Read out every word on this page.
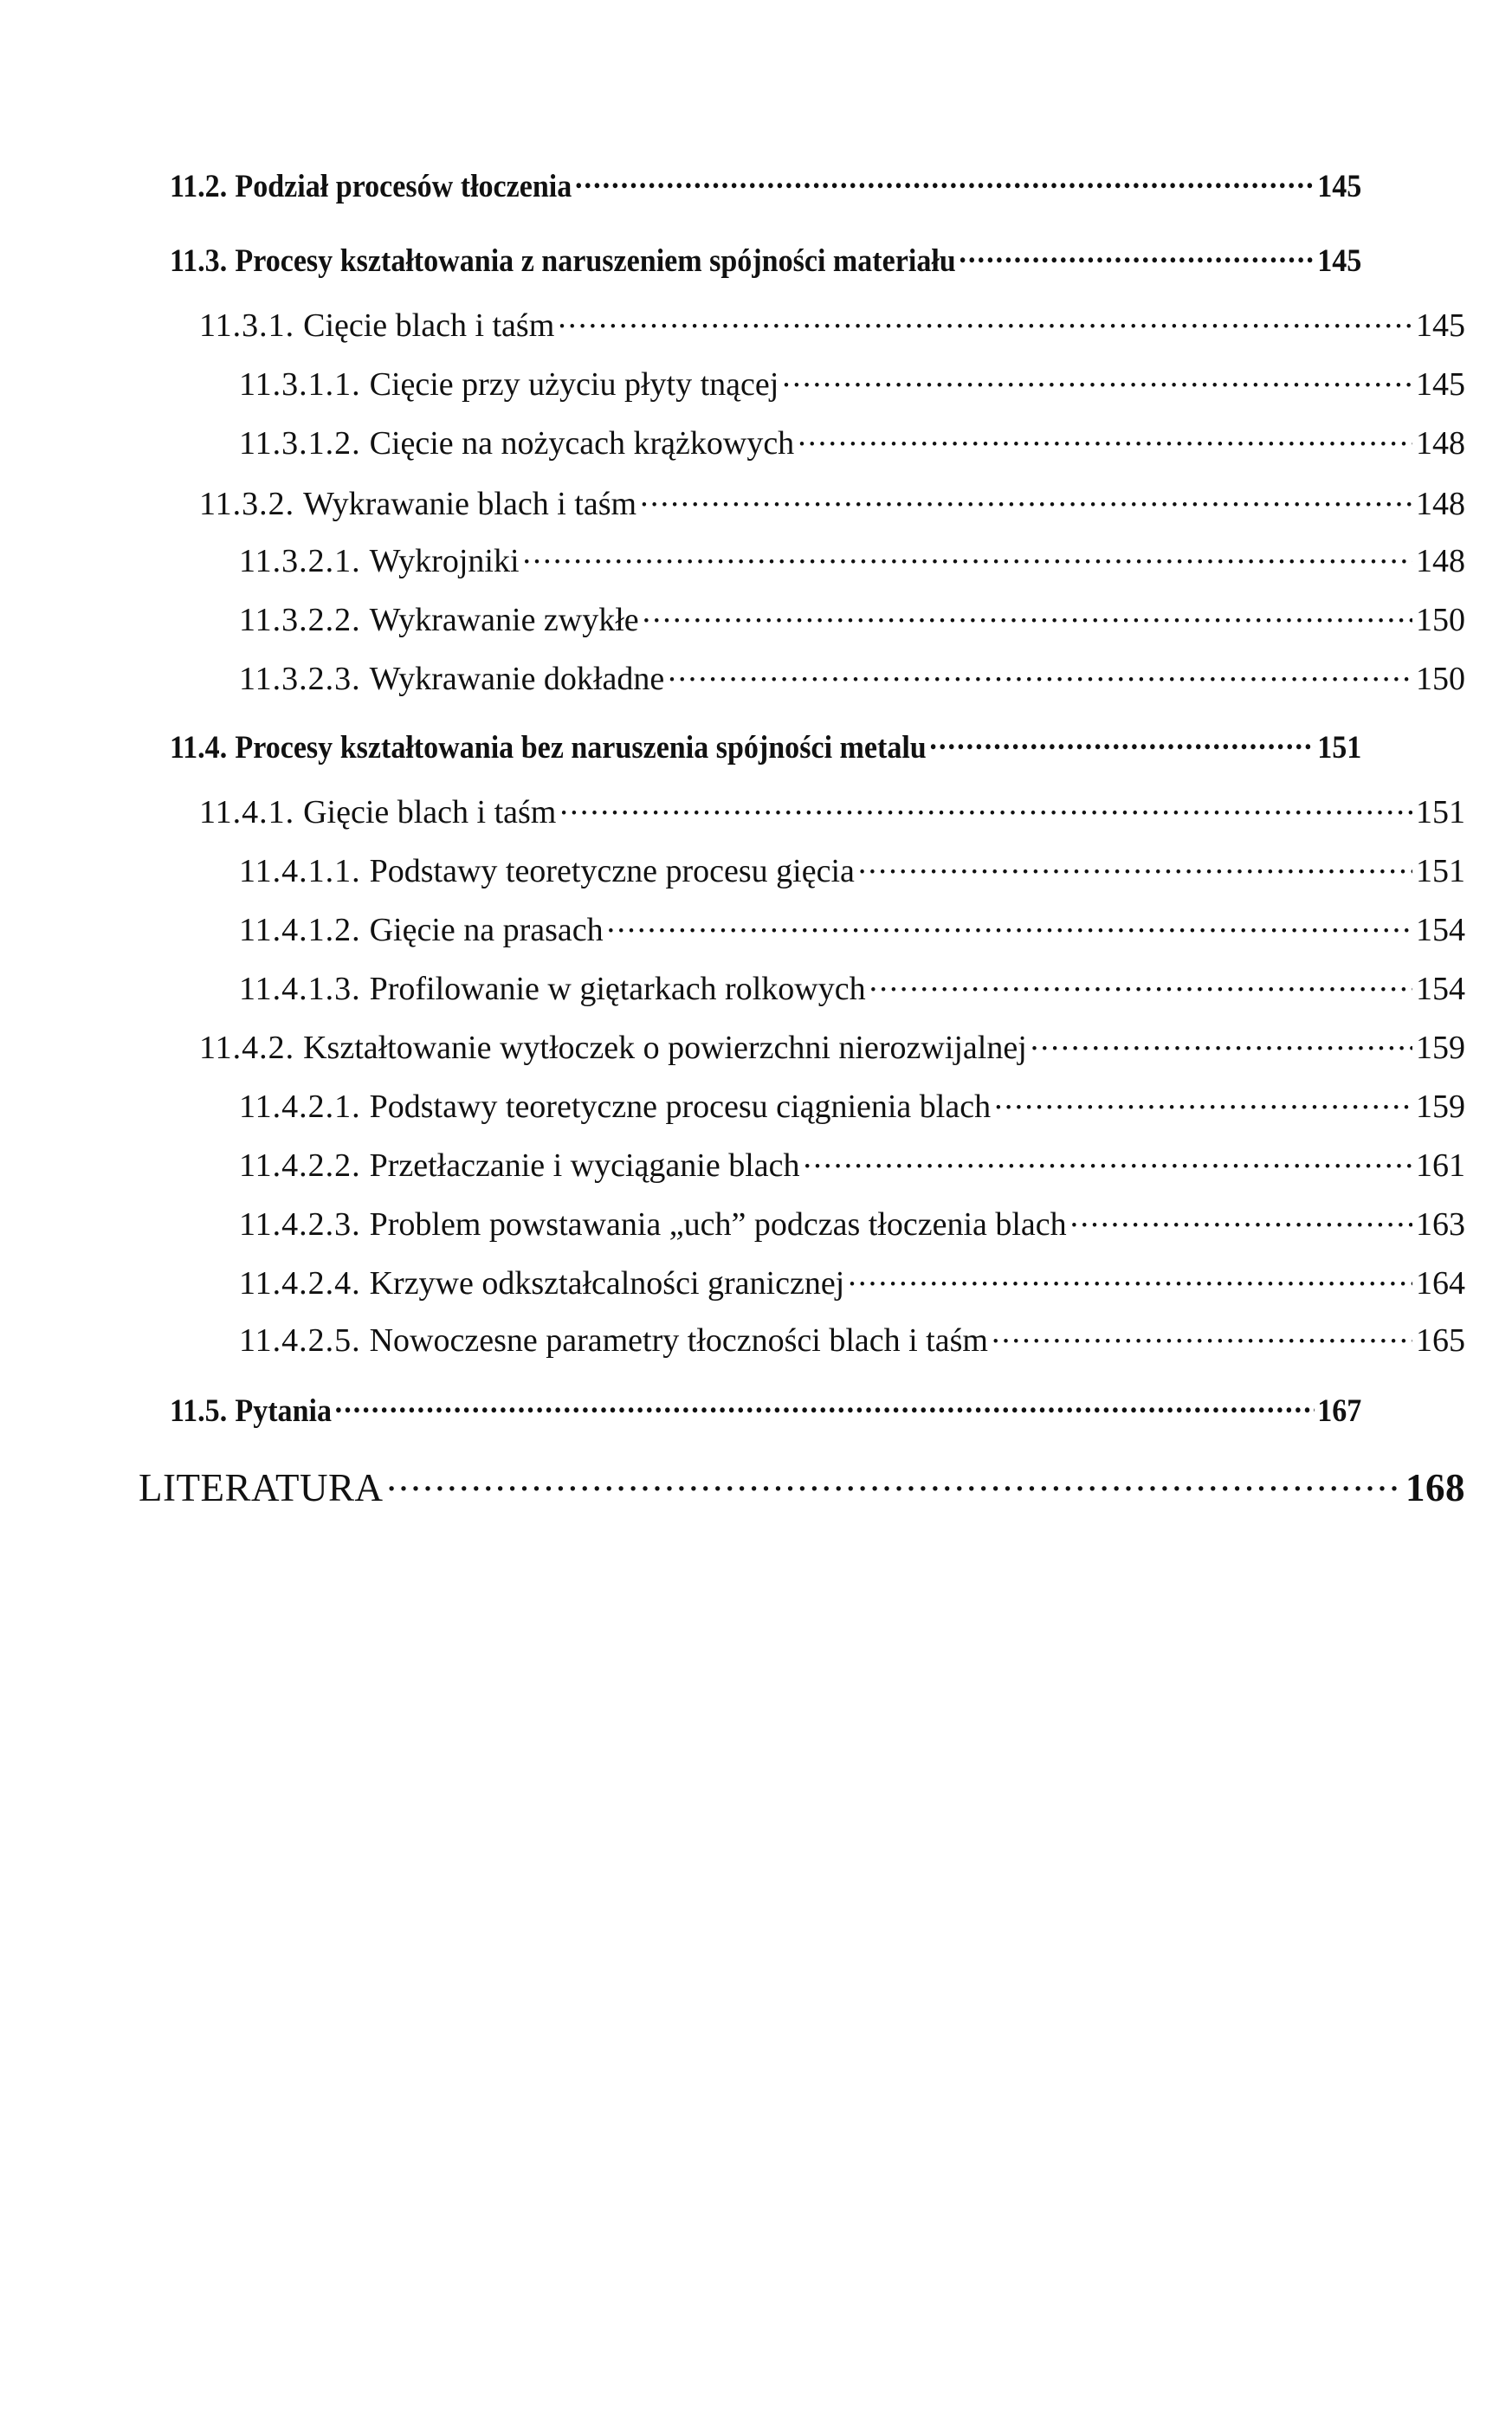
11.2. Podział procesów tłoczenia .....	145
11.3. Procesy kształtowania z naruszeniem spójności materiału .....	145
11.3.1. Cięcie blach i taśm .....	145
11.3.1.1. Cięcie przy użyciu płyty tnącej .....	145
11.3.1.2. Cięcie na nożycach krążkowych .....	148
11.3.2. Wykrawanie blach i taśm .....	148
11.3.2.1. Wykrojniki .....	148
11.3.2.2. Wykrawanie zwykłe .....	150
11.3.2.3. Wykrawanie dokładne .....	150
11.4. Procesy kształtowania bez naruszenia spójności metalu .....	151
11.4.1. Gięcie blach i taśm .....	151
11.4.1.1. Podstawy teoretyczne procesu gięcia .....	151
11.4.1.2. Gięcie na prasach .....	154
11.4.1.3. Profilowanie w giętarkach rolkowych .....	154
11.4.2. Kształtowanie wytłoczek o powierzchni nierozwijalnej .....	159
11.4.2.1. Podstawy teoretyczne procesu ciągnienia blach .....	159
11.4.2.2. Przetłaczanie i wyciąganie blach .....	161
11.4.2.3. Problem powstawania „uch” podczas tłoczenia blach .....	163
11.4.2.4. Krzywe odkształcalności granicznej .....	164
11.4.2.5. Nowoczesne parametry tłoczności blach i taśm .....	165
11.5. Pytania .....	167
LITERATURA .....	168
